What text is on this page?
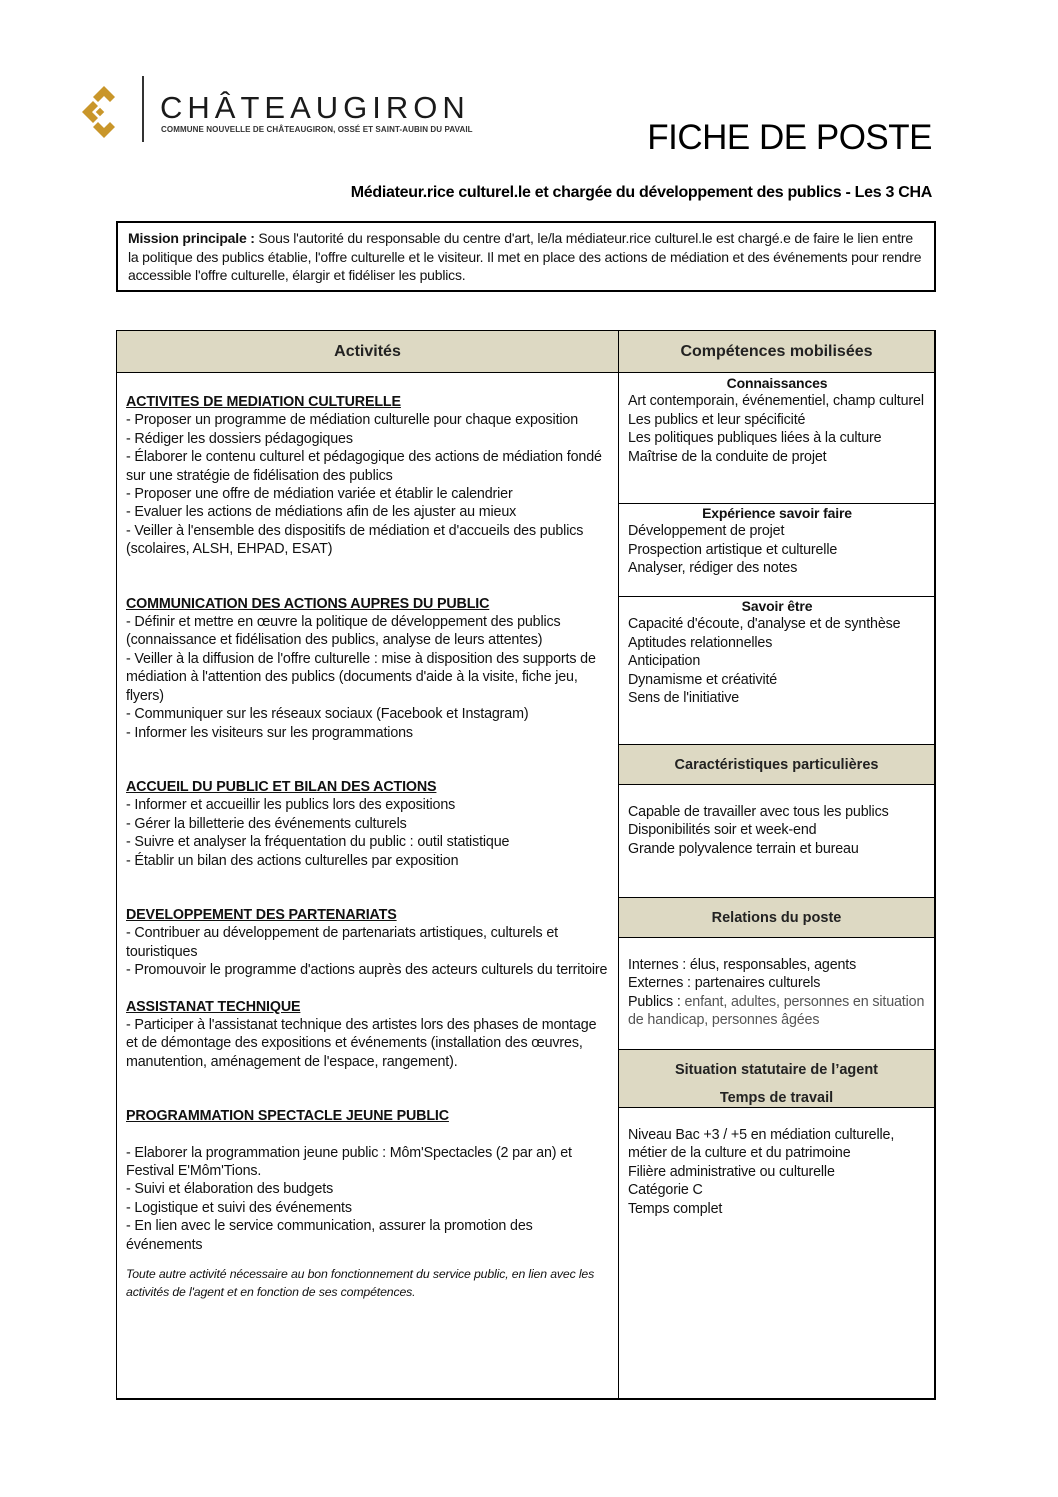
CHÂTEAUGIRON
COMMUNE NOUVELLE DE CHÂTEAUGIRON, OSSÉ ET SAINT-AUBIN DU PAVAIL	FICHE DE POSTE
Médiateur.rice culturel.le et chargée du développement des publics - Les 3 CHA
Mission principale : Sous l'autorité du responsable du centre d'art, le/la médiateur.rice culturel.le est chargé.e de faire le lien entre la politique des publics établie, l'offre culturelle et le visiteur. Il met en place des actions de médiation et des événements pour rendre accessible l'offre culturelle, élargir et fidéliser les publics.
Activités
ACTIVITES DE MEDIATION CULTURELLE
- Proposer un programme de médiation culturelle pour chaque exposition
- Rédiger les dossiers pédagogiques
- Élaborer le contenu culturel et pédagogique des actions de médiation fondé sur une stratégie de fidélisation des publics
- Proposer une offre de médiation variée et établir le calendrier
- Evaluer les actions de médiations afin de les ajuster au mieux
- Veiller à l'ensemble des dispositifs de médiation et d'accueils des publics (scolaires, ALSH, EHPAD, ESAT)
COMMUNICATION DES ACTIONS AUPRES DU PUBLIC
- Définir et mettre en œuvre la politique de développement des publics (connaissance et fidélisation des publics, analyse de leurs attentes)
- Veiller à la diffusion de l'offre culturelle : mise à disposition des supports de médiation à l'attention des publics (documents d'aide à la visite, fiche jeu, flyers)
- Communiquer sur les réseaux sociaux (Facebook et Instagram)
- Informer les visiteurs sur les programmations
ACCUEIL DU PUBLIC ET BILAN DES ACTIONS
- Informer et accueillir les publics lors des expositions
- Gérer la billetterie des événements culturels
- Suivre et analyser la fréquentation du public : outil statistique
- Établir un bilan des actions culturelles par exposition
DEVELOPPEMENT DES PARTENARIATS
- Contribuer au développement de partenariats artistiques, culturels et touristiques
- Promouvoir le programme d'actions auprès des acteurs culturels du territoire
ASSISTANAT TECHNIQUE
- Participer à l'assistanat technique des artistes lors des phases de montage et de démontage des expositions et événements (installation des œuvres, manutention, aménagement de l'espace, rangement).
PROGRAMMATION SPECTACLE JEUNE PUBLIC
- Elaborer la programmation jeune public : Môm'Spectacles (2 par an) et Festival E'Môm'Tions.
- Suivi et élaboration des budgets
- Logistique et suivi des événements
- En lien avec le service communication, assurer la promotion des événements
Toute autre activité nécessaire au bon fonctionnement du service public, en lien avec les activités de l'agent et en fonction de ses compétences.
Compétences mobilisées
Connaissances
Art contemporain, événementiel, champ culturel
Les publics et leur spécificité
Les politiques publiques liées à la culture
Maîtrise de la conduite de projet
Expérience savoir faire
Développement de projet
Prospection artistique et culturelle
Analyser, rédiger des notes
Savoir être
Capacité d'écoute, d'analyse et de synthèse
Aptitudes relationnelles
Anticipation
Dynamisme et créativité
Sens de l'initiative
Caractéristiques particulières
Capable de travailler avec tous les publics
Disponibilités soir et week-end
Grande polyvalence terrain et bureau
Relations du poste
Internes : élus, responsables, agents
Externes : partenaires culturels
Publics : enfant, adultes, personnes en situation de handicap, personnes âgées
Situation statutaire de l’agent
Temps de travail
Niveau Bac +3 / +5 en médiation culturelle, métier de la culture et du patrimoine
Filière administrative ou culturelle
Catégorie C
Temps complet
